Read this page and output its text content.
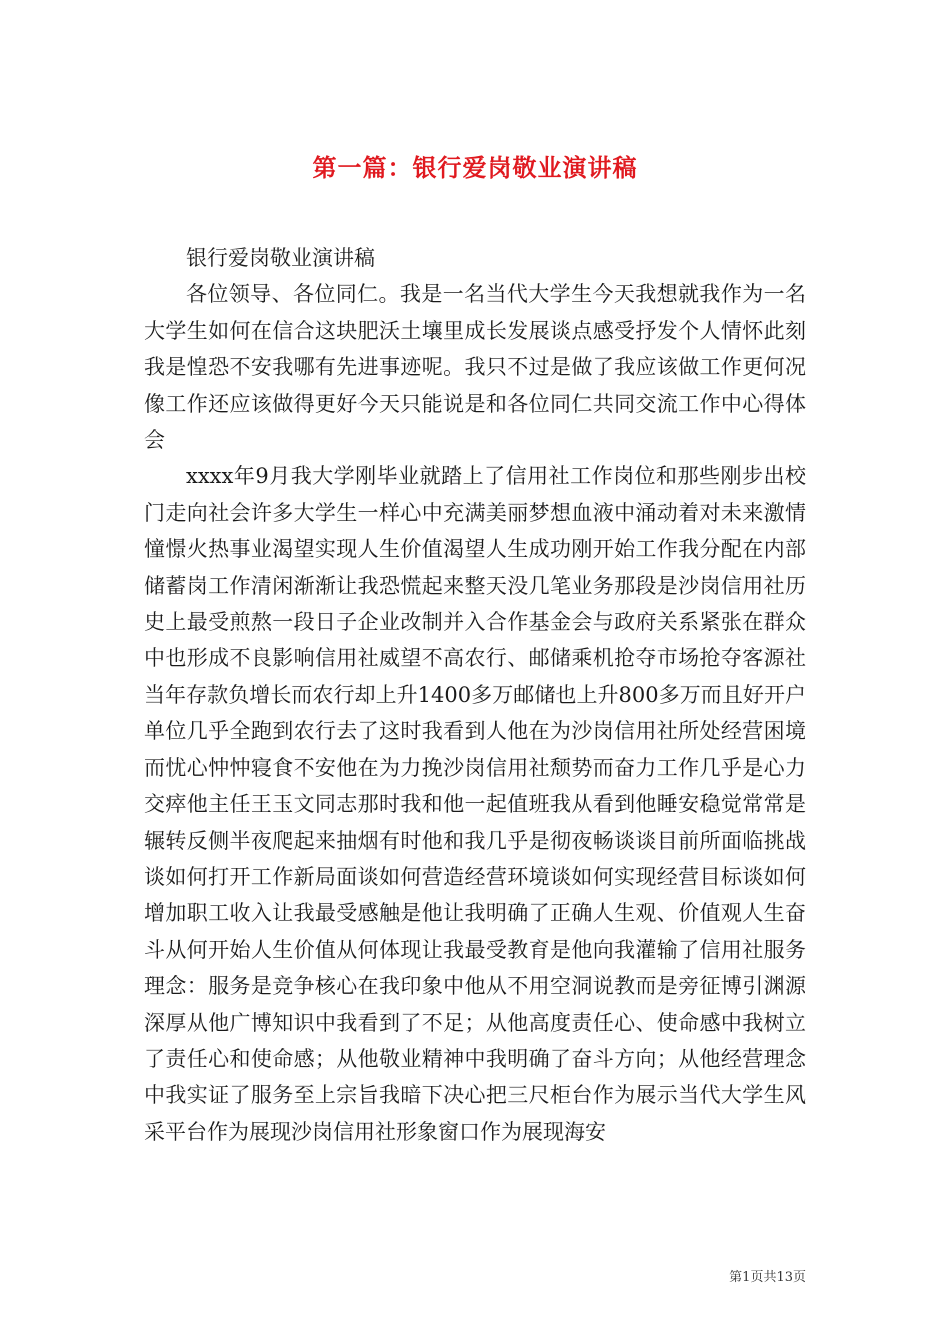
第一篇：银行爱岗敬业演讲稿

银行爱岗敬业演讲稿

各位领导、各位同仁。我是一名当代大学生今天我想就我作为一名大学生如何在信合这块肥沃土壤里成长发展谈点感受抒发个人情怀此刻我是惶恐不安我哪有先进事迹呢。我只不过是做了我应该做工作更何况像工作还应该做得更好今天只能说是和各位同仁共同交流工作中心得体会

xxxx年9月我大学刚毕业就踏上了信用社工作岗位和那些刚步出校门走向社会许多大学生一样心中充满美丽梦想血液中涌动着对未来激情憧憬火热事业渴望实现人生价值渴望人生成功刚开始工作我分配在内部储蓄岗工作清闲渐渐让我恐慌起来整天没几笔业务那段是沙岗信用社历史上最受煎熬一段日子企业改制并入合作基金会与政府关系紧张在群众中也形成不良影响信用社威望不高农行、邮储乘机抢夺市场抢夺客源社当年存款负增长而农行却上升1400多万邮储也上升800多万而且好开户单位几乎全跑到农行去了这时我看到人他在为沙岗信用社所处经营困境而忧心忡忡寝食不安他在为力挽沙岗信用社颓势而奋力工作几乎是心力交瘁他主任王玉文同志那时我和他一起值班我从看到他睡安稳觉常常是辗转反侧半夜爬起来抽烟有时他和我几乎是彻夜畅谈谈目前所面临挑战谈如何打开工作新局面谈如何营造经营环境谈如何实现经营目标谈如何增加职工收入让我最受感触是他让我明确了正确人生观、价值观人生奋斗从何开始人生价值从何体现让我最受教育是他向我灌输了信用社服务理念：服务是竞争核心在我印象中他从不用空洞说教而是旁征博引渊源深厚从他广博知识中我看到了不足；从他高度责任心、使命感中我树立了责任心和使命感；从他敬业精神中我明确了奋斗方向；从他经营理念中我实证了服务至上宗旨我暗下决心把三尺柜台作为展示当代大学生风采平台作为展现沙岗信用社形象窗口作为展现海安

第1页共13页
